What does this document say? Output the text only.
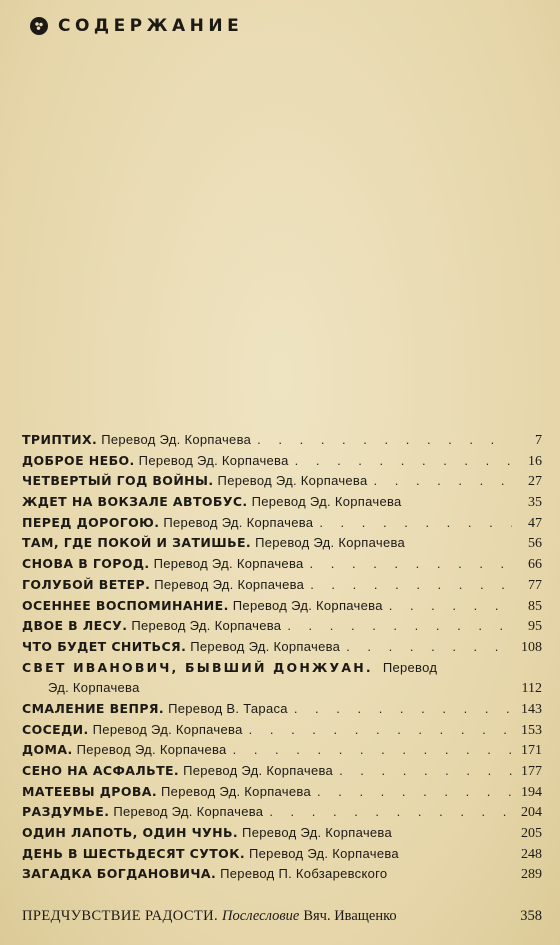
СОДЕРЖАНИЕ
ТРИПТИХ. Перевод Эд. Корпачева . . .	7
ДОБРОЕ НЕБО. Перевод Эд. Корпачева . . .	16
ЧЕТВЕРТЫЙ ГОД ВОЙНЫ. Перевод Эд. Корпачева . . .	27
ЖДЕТ НА ВОКЗАЛЕ АВТОБУС. Перевод Эд. Корпачева	35
ПЕРЕД ДОРОГОЮ. Перевод Эд. Корпачева . . .	47
ТАМ, ГДЕ ПОКОЙ И ЗАТИШЬЕ. Перевод Эд. Корпачева	56
СНОВА В ГОРОД. Перевод Эд. Корпачева . . .	66
ГОЛУБОЙ ВЕТЕР. Перевод Эд. Корпачева . . .	77
ОСЕННЕЕ ВОСПОМИНАНИЕ. Перевод Эд. Корпачева . . .	85
ДВОЕ В ЛЕСУ. Перевод Эд. Корпачева . . .	95
ЧТО БУДЕТ СНИТЬСЯ. Перевод Эд. Корпачева . . .	108
СВЕТ ИВАНОВИЧ, БЫВШИЙ ДОНЖУАН. Перевод
Эд. Корпачева	112
СМАЛЕНИЕ ВЕПРЯ. Перевод В. Тараса . . .	143
СОСЕДИ. Перевод Эд. Корпачева . . .	153
ДОМА. Перевод Эд. Корпачева . . .	171
СЕНО НА АСФАЛЬТЕ. Перевод Эд. Корпачева . . .	177
МАТЕЕВЫ ДРОВА. Перевод Эд. Корпачева . . .	194
РАЗДУМЬЕ. Перевод Эд. Корпачева . . .	204
ОДИН ЛАПОТЬ, ОДИН ЧУНЬ. Перевод Эд. Корпачева	205
ДЕНЬ В ШЕСТЬДЕСЯТ СУТОК. Перевод Эд. Корпачева	248
ЗАГАДКА БОГДАНОВИЧА. Перевод П. Кобзаревского	289
ПРЕДЧУВСТВИЕ РАДОСТИ. Послесловие Вяч. Иващенко	358
